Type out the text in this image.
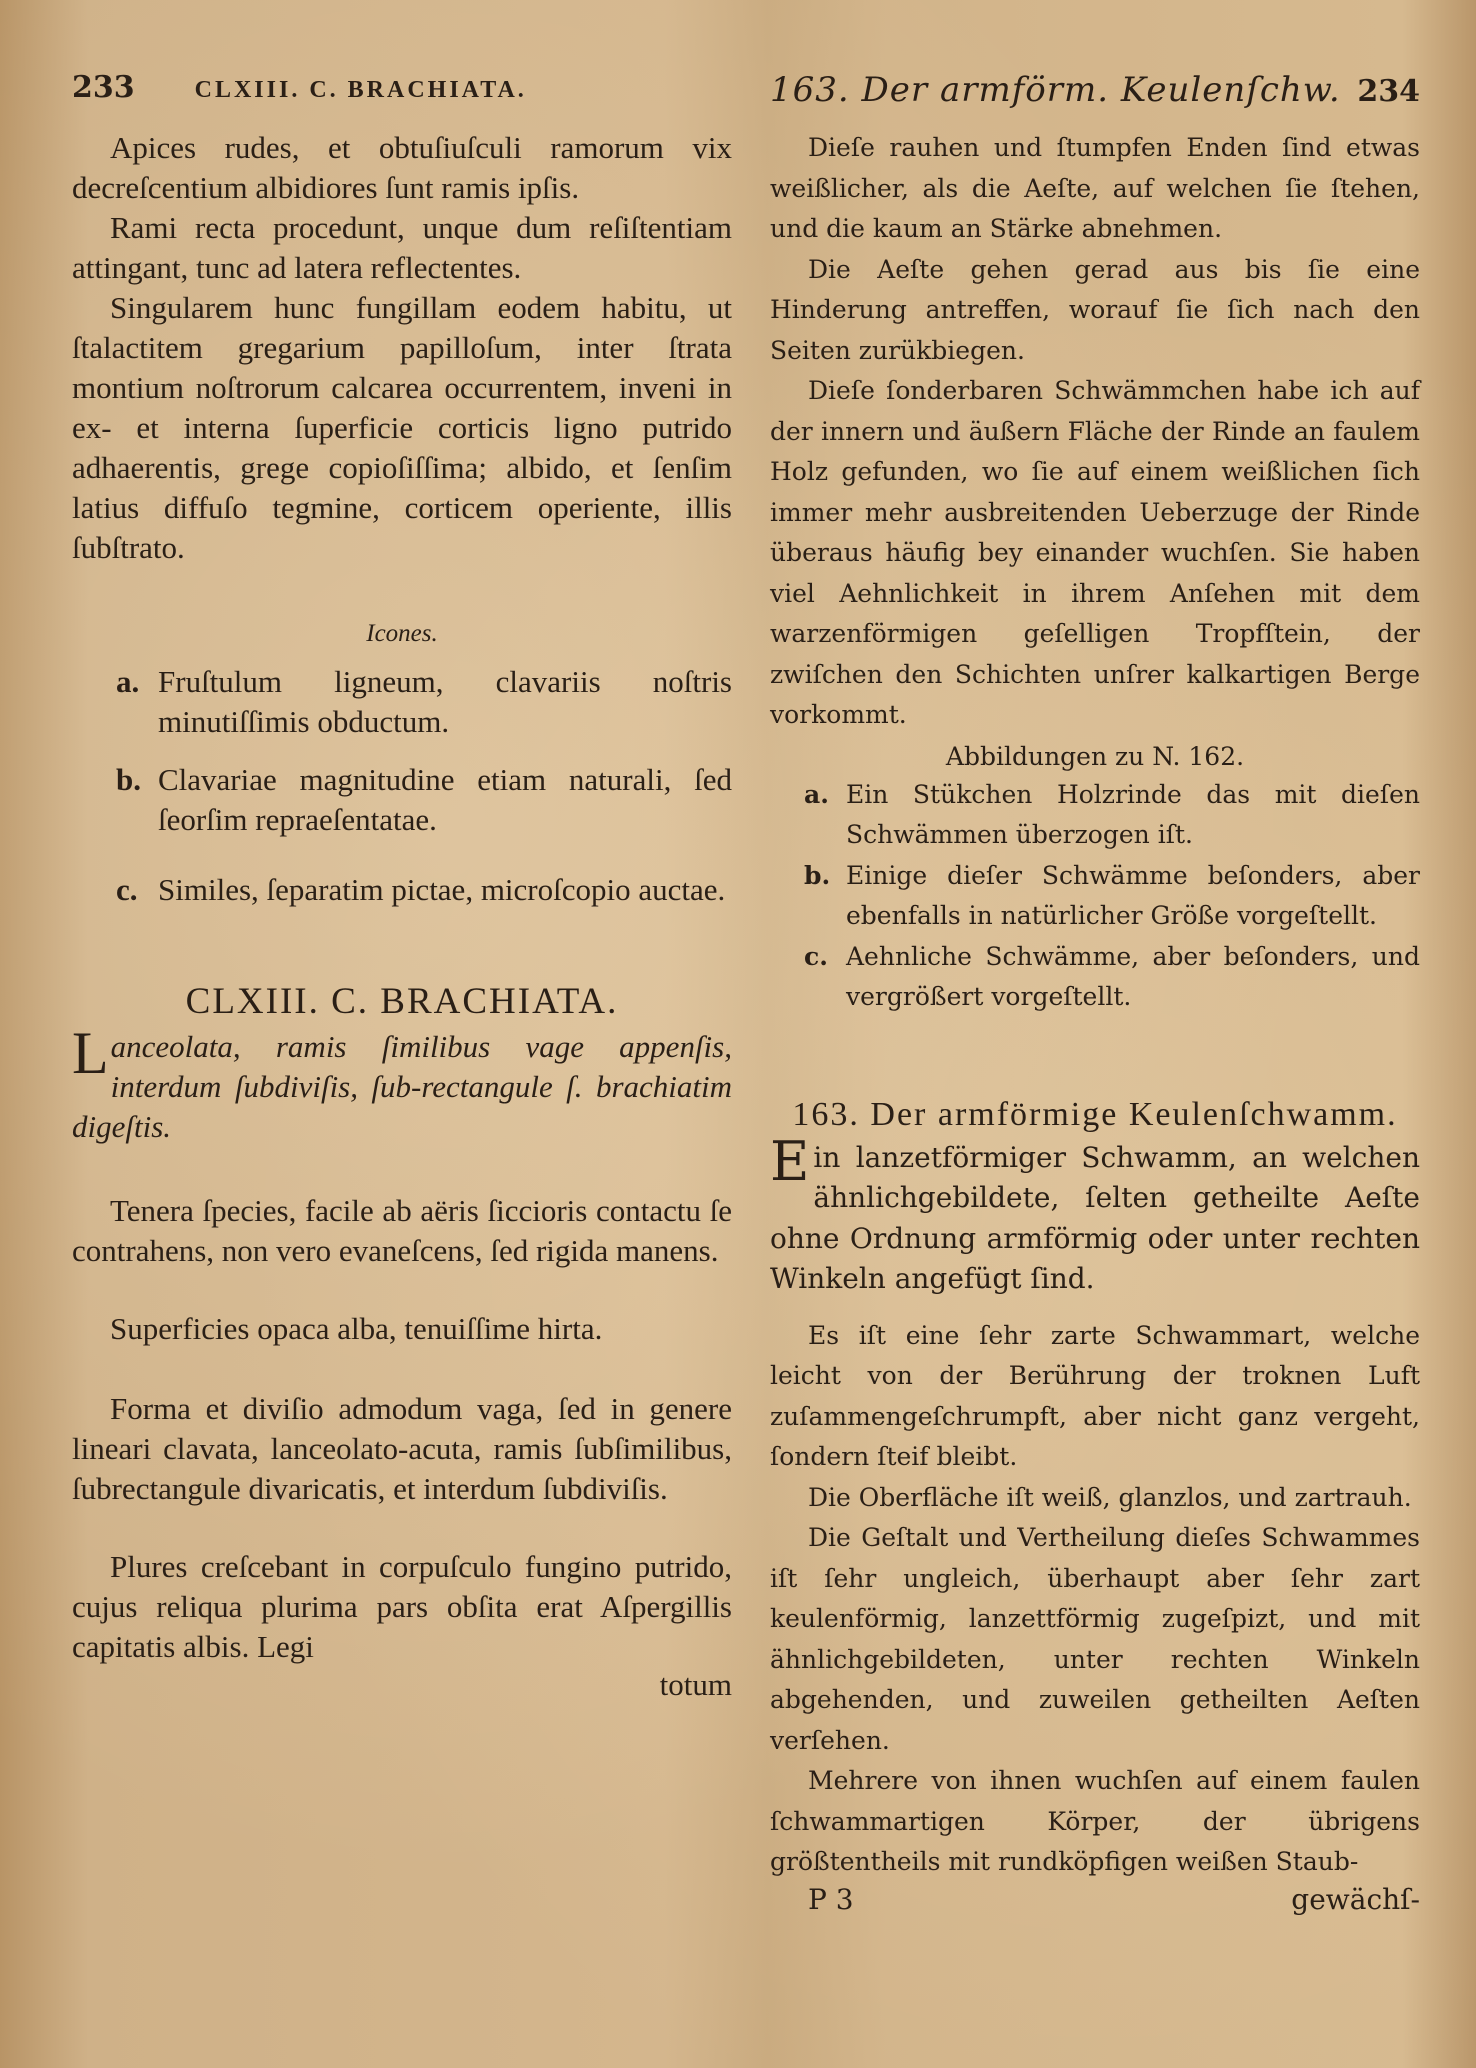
233	CLXIII. C. BRACHIATA.

Apices rudes, et obtuſiuſculi ramorum vix decreſcentium albidiores ſunt ramis ipſis.

Rami recta procedunt, unque dum reſiſtentiam attingant, tunc ad latera reflectentes.

Singularem hunc fungillam eodem habitu, ut ſtalactitem gregarium papilloſum, inter ſtrata montium noſtrorum calcarea occurrentem, inveni in ex- et interna ſuperficie corticis ligno putrido adhaerentis, grege copioſiſſima; albido, et ſenſim latius diffuſo tegmine, corticem operiente, illis ſubſtrato.

Icones.
a. Fruſtulum ligneum, clavariis noſtris minutiſſimis obductum.
b. Clavariae magnitudine etiam naturali, ſed ſeorſim repraeſentatae.
c. Similes, ſeparatim pictae, microſcopio auctae.
CLXIII. C. BRACHIATA.

Lanceolata, ramis ſimilibus vage appenſis, interdum ſubdiviſis, ſub-rectangule ſ. brachiatim digeſtis.

Tenera ſpecies, facile ab aëris ſiccioris contactu ſe contrahens, non vero evaneſcens, ſed rigida manens.

Superficies opaca alba, tenuiſſime hirta.

Forma et diviſio admodum vaga, ſed in genere lineari clavata, lanceolato-acuta, ramis ſubſimilibus, ſubrectangule divaricatis, et interdum ſubdiviſis.

Plures creſcebant in corpuſculo fungino putrido, cujus reliqua plurima pars obſita erat Aſpergillis capitatis albis. Legi

totum
163. Der armförm. Keulenſchw. 234

Dieſe rauhen und ſtumpfen Enden ſind etwas weißlicher, als die Aeſte, auf welchen ſie ſtehen, und die kaum an Stärke abnehmen.

Die Aeſte gehen gerad aus bis ſie eine Hinderung antreffen, worauf ſie ſich nach den Seiten zurükbiegen.

Dieſe ſonderbaren Schwämmchen habe ich auf der innern und äußern Fläche der Rinde an faulem Holz gefunden, wo ſie auf einem weißlichen ſich immer mehr ausbreitenden Ueberzuge der Rinde überaus häufig bey einander wuchſen. Sie haben viel Aehnlichkeit in ihrem Anſehen mit dem warzenförmigen geſelligen Tropfſtein, der zwiſchen den Schichten unſrer kalkartigen Berge vorkommt.

Abbildungen zu N. 162.
a. Ein Stükchen Holzrinde das mit dieſen Schwämmen überzogen iſt.
b. Einige dieſer Schwämme beſonders, aber ebenfalls in natürlicher Größe vorgeſtellt.
c. Aehnliche Schwämme, aber beſonders, und vergrößert vorgeſtellt.
163. Der armförmige Keulenſchwamm.

Ein lanzetförmiger Schwamm, an welchen ähnlichgebildete, ſelten getheilte Aeſte ohne Ordnung armförmig oder unter rechten Winkeln angefügt ſind.

Es iſt eine ſehr zarte Schwammart, welche leicht von der Berührung der troknen Luft zuſammengeſchrumpft, aber nicht ganz vergeht, ſondern ſteif bleibt.

Die Oberfläche iſt weiß, glanzlos, und zartrauh.

Die Geſtalt und Vertheilung dieſes Schwammes iſt ſehr ungleich, überhaupt aber ſehr zart keulenförmig, lanzettförmig zugeſpizt, und mit ähnlichgebildeten, unter rechten Winkeln abgehenden, und zuweilen getheilten Aeſten verſehen.

Mehrere von ihnen wuchſen auf einem faulen ſchwammartigen Körper, der übrigens größtentheils mit rundköpfigen weißen Staub-

P 3	gewächſ-
